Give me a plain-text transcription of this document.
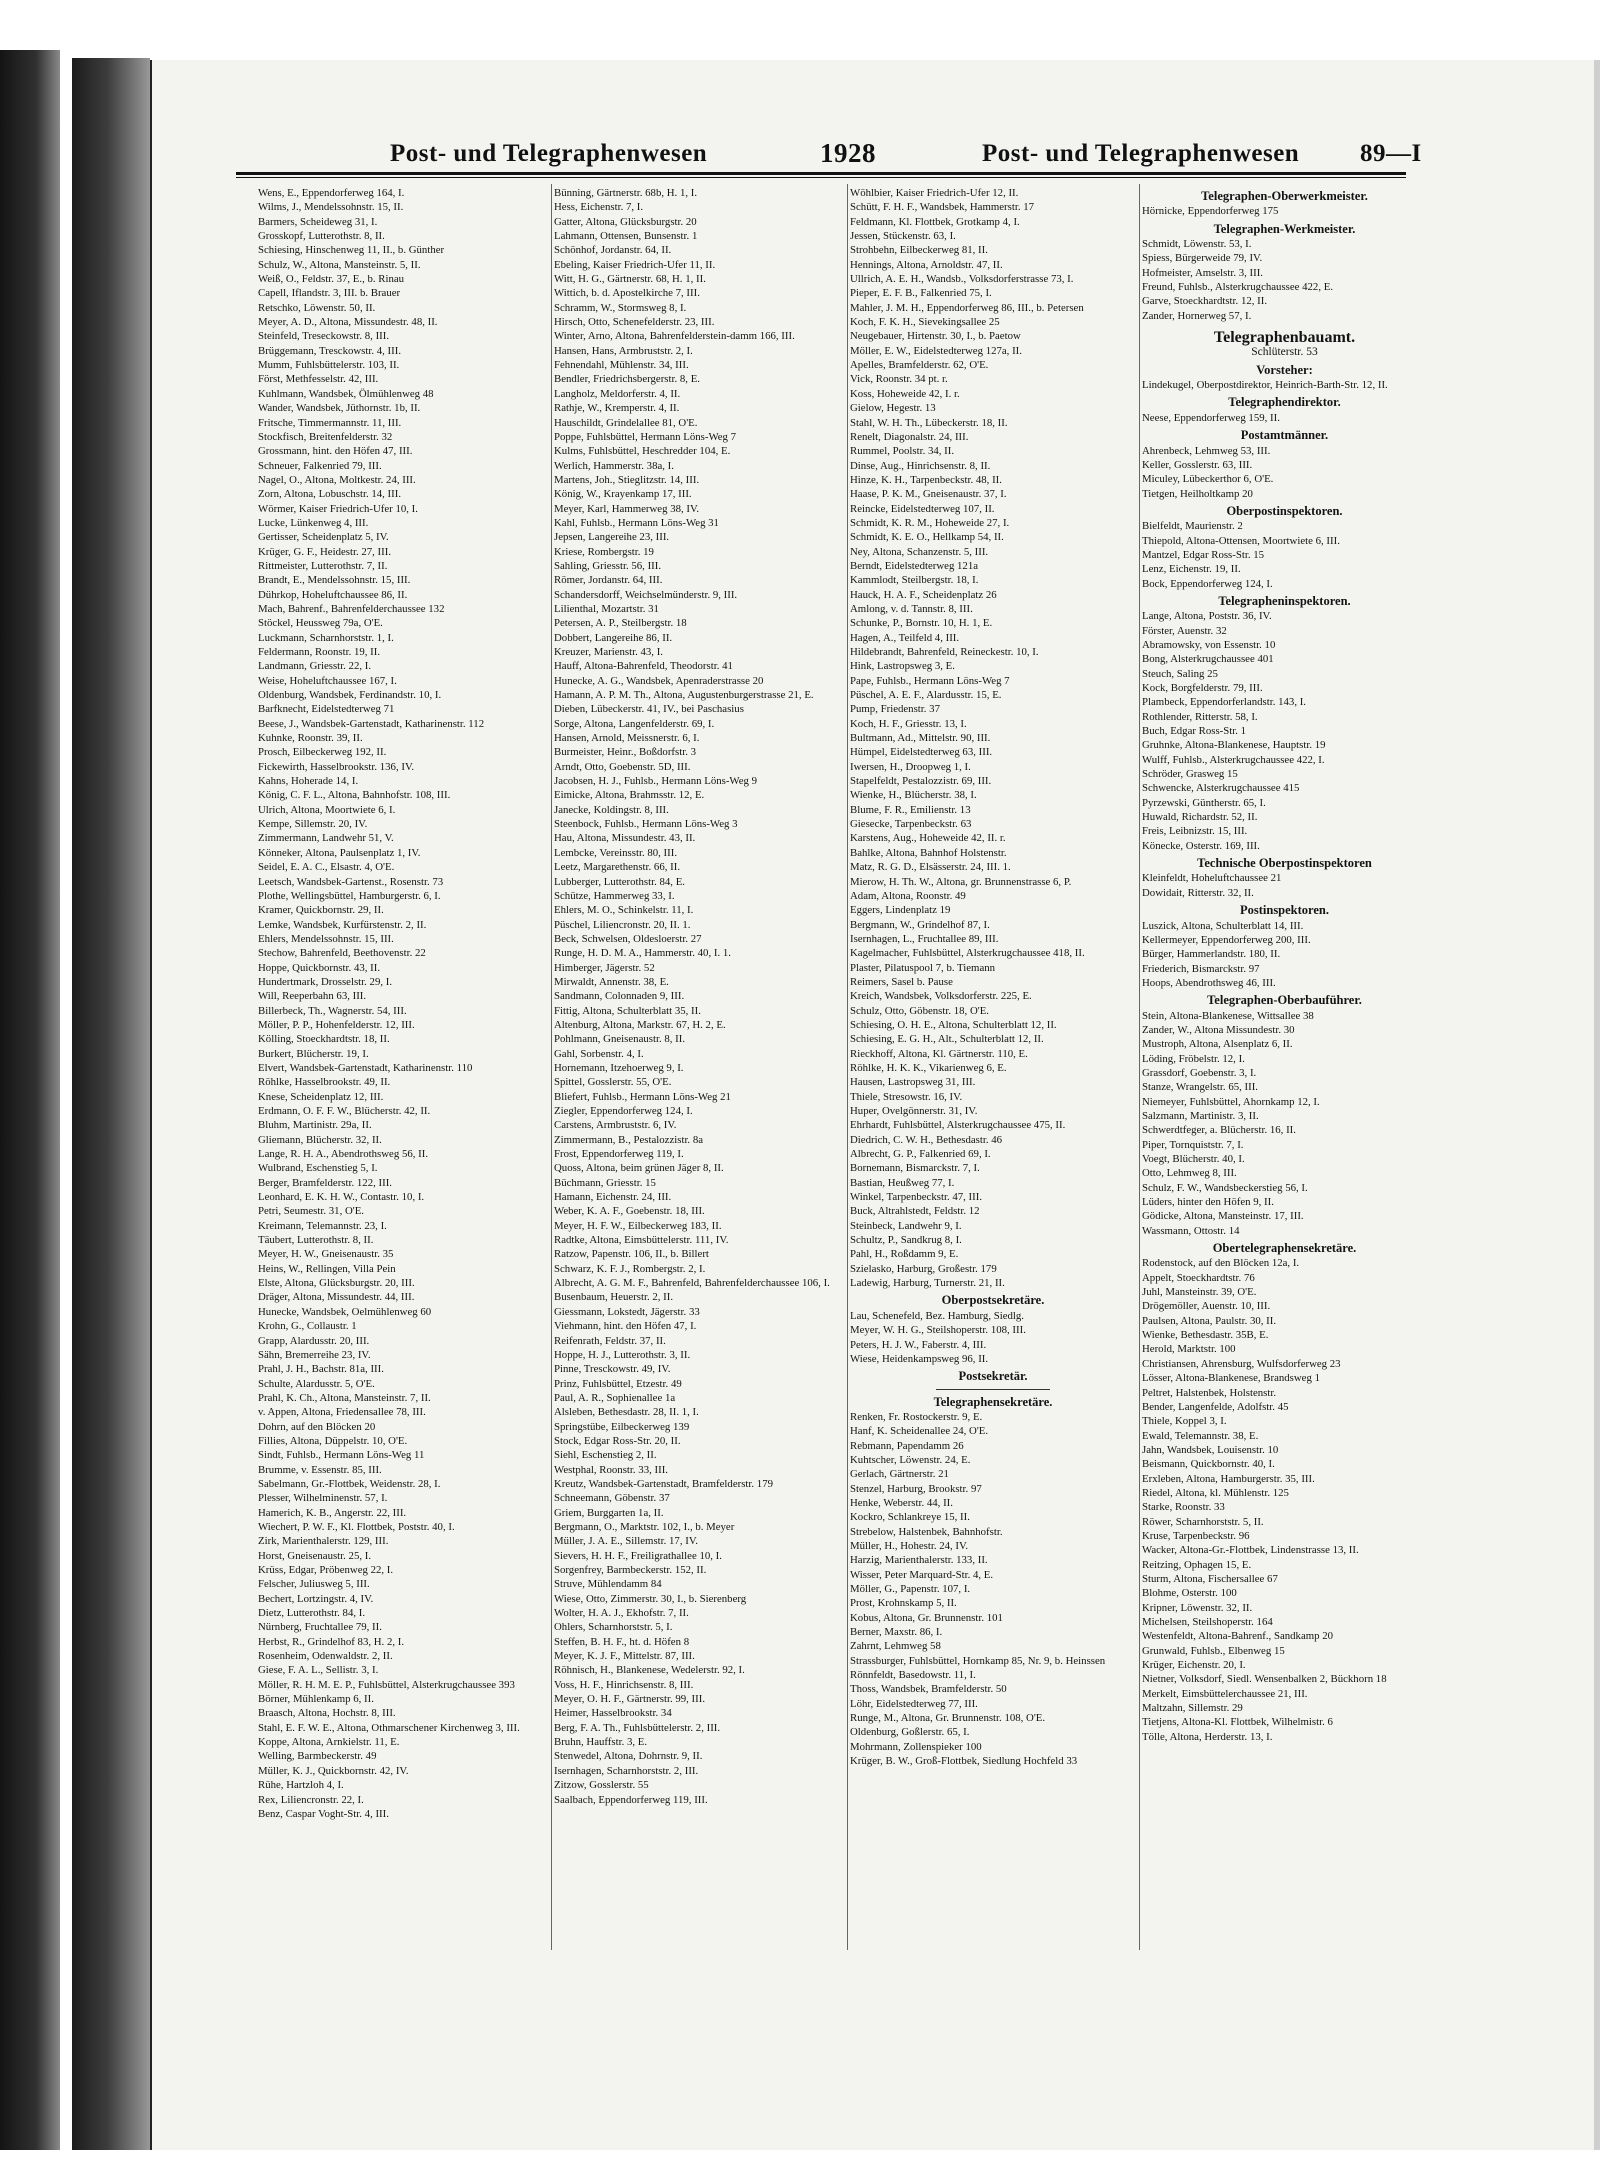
Post- und Telegraphenwesen	1928	Post- und Telegraphenwesen 89—I
Wens, E., Eppendorferweg 164, I.
Wilms, J., Mendelssohnstr. 15, II.
Barmers, Scheideweg 31, I.
Grosskopf, Lutterothstr. 8, II.
Schiesing, Hinschenweg 11, II., b. Günther
Schulz, W., Altona, Mansteinstr. 5, II.
Weiß, O., Feldstr. 37, E., b. Rinau
Capell, Iflandstr. 3, III. b. Brauer
Retschko, Löwenstr. 50, II.
Meyer, A. D., Altona, Missundestr. 48, II.
Steinfeld, Treseckowstr. 8, III.
Brüggemann, Tresckowstr. 4, III.
Mumm, Fuhlsbüttelerstr. 103, II.
Först, Methfesselstr. 42, III.
Kuhlmann, Wandsbek, Ölmühlenweg 48
Wander, Wandsbek, Jüthornstr. 1b, II.
Fritsche, Timmermannstr. 11, III.
Stockfisch, Breitenfelderstr. 32
Grossmann, hint. den Höfen 47, III.
Schneuer, Falkenried 79, III.
Nagel, O., Altona, Moltkestr. 24, III.
Zorn, Altona, Lobuschstr. 14, III.
Wörmer, Kaiser Friedrich-Ufer 10, I.
Lucke, Lünkenweg 4, III.
Gertisser, Scheidenplatz 5, IV.
Krüger, G. F., Heidestr. 27, III.
Rittmeister, Lutterothstr. 7, II.
Brandt, E., Mendelssohnstr. 15, III.
Dührkop, Hoheluftchaussee 86, II.
Mach, Bahrenf., Bahrenfelderchaussee 132
Stöckel, Heussweg 79a, O'E.
Luckmann, Scharnhorststr. 1, I.
Feldermann, Roonstr. 19, II.
Landmann, Griesstr. 22, I.
Weise, Hoheluftchaussee 167, I.
Oldenburg, Wandsbek, Ferdinandstr. 10, I.
Barfknecht, Eidelstedterweg 71
Beese, J., Wandsbek-Gartenstadt, Katharinenstr. 112
Kuhnke, Roonstr. 39, II.
Prosch, Eilbeckerweg 192, II.
Fickewirth, Hasselbrookstr. 136, IV.
Kahns, Hoherade 14, I.
König, C. F. L., Altona, Bahnhofstr. 108, III.
Ulrich, Altona, Moortwiete 6, I.
Kempe, Sillemstr. 20, IV.
Zimmermann, Landwehr 51, V.
Könneker, Altona, Paulsenplatz 1, IV.
Seidel, E. A. C., Elsastr. 4, O'E.
Leetsch, Wandsbek-Gartenst., Rosenstr. 73
Plothe, Wellingsbüttel, Hamburgerstr. 6, I.
Kramer, Quickbornstr. 29, II.
Lemke, Wandsbek, Kurfürstenstr. 2, II.
Ehlers, Mendelssohnstr. 15, III.
Stechow, Bahrenfeld, Beethovenstr. 22
Hoppe, Quickbornstr. 43, II.
Hundertmark, Drosselstr. 29, I.
Will, Reeperbahn 63, III.
Billerbeck, Th., Wagnerstr. 54, III.
Möller, P. P., Hohenfelderstr. 12, III.
Kölling, Stoeckhardtstr. 18, II.
Burkert, Blücherstr. 19, I.
Elvert, Wandsbek-Gartenstadt, Katharinenstr. 110
Röhlke, Hasselbrookstr. 49, II.
Knese, Scheidenplatz 12, III.
Erdmann, O. F. F. W., Blücherstr. 42, II.
Bluhm, Martinistr. 29a, II.
Gliemann, Blücherstr. 32, II.
Lange, R. H. A., Abendrothsweg 56, II.
Wulbrand, Eschenstieg 5, I.
Berger, Bramfelderstr. 122, III.
Leonhard, E. K. H. W., Contastr. 10, I.
Petri, Seumestr. 31, O'E.
Kreimann, Telemannstr. 23, I.
Täubert, Lutterothstr. 8, II.
Meyer, H. W., Gneisenaustr. 35
Heins, W., Rellingen, Villa Pein
Elste, Altona, Glücksburgstr. 20, III.
Dräger, Altona, Missundestr. 44, III.
Hunecke, Wandsbek, Oelmühlenweg 60
Krohn, G., Collaustr. 1
Grapp, Alardusstr. 20, III.
Sähn, Bremerreihe 23, IV.
Prahl, J. H., Bachstr. 81a, III.
Schulte, Alardusstr. 5, O'E.
Prahl, K. Ch., Altona, Mansteinstr. 7, II.
v. Appen, Altona, Friedensallee 78, III.
Dohrn, auf den Blöcken 20
Fillies, Altona, Düppelstr. 10, O'E.
Sindt, Fuhlsb., Hermann Löns-Weg 11
Brumme, v. Essenstr. 85, III.
Sabelmann, Gr.-Flottbek, Weidenstr. 28, I.
Plesser, Wilhelminenstr. 57, I.
Hamerich, K. B., Angerstr. 22, III.
Wiechert, P. W. F., Kl. Flottbek, Poststr. 40, I.
Zirk, Marienthalerstr. 129, III.
Horst, Gneisenaustr. 25, I.
Krüss, Edgar, Pröbenweg 22, I.
Felscher, Juliusweg 5, III.
Bechert, Lortzingstr. 4, IV.
Dietz, Lutterothstr. 84, I.
Nürnberg, Fruchtallee 79, II.
Herbst, R., Grindelhof 83, H. 2, I.
Rosenheim, Odenwaldstr. 2, II.
Giese, F. A. L., Sellistr. 3, I.
Möller, R. H. M. E. P., Fuhlsbüttel, Alsterkrugchaussee 393
Börner, Mühlenkamp 6, II.
Braasch, Altona, Hochstr. 8, III.
Stahl, E. F. W. E., Altona, Othmarschener Kirchenweg 3, III.
Koppe, Altona, Arnkielstr. 11, E.
Welling, Barmbeckerstr. 49
Müller, K. J., Quickbornstr. 42, IV.
Rühe, Hartzloh 4, I.
Rex, Liliencronstr. 22, I.
Benz, Caspar Voght-Str. 4, III.
Bünning, Gärtnerstr. 68b, H. 1, I.
Hess, Eichenstr. 7, I.
Gatter, Altona, Glücksburgstr. 20
Lahmann, Ottensen, Bunsenstr. 1
Schönhof, Jordanstr. 64, II.
Ebeling, Kaiser Friedrich-Ufer 11, II.
Witt, H. G., Gärtnerstr. 68, H. 1, II.
Wittich, b. d. Apostelkirche 7, III.
Schramm, W., Stormsweg 8, I.
Hirsch, Otto, Schenefelderstr. 23, III.
Winter, Arno, Altona, Bahrenfelderstein-damm 166, III.
Hansen, Hans, Armbruststr. 2, I.
Fehnendahl, Mühlenstr. 34, III.
Bendler, Friedrichsbergerstr. 8, E.
Langholz, Meldorferstr. 4, II.
Rathje, W., Kremperstr. 4, II.
Hauschildt, Grindelallee 81, O'E.
Poppe, Fuhlsbüttel, Hermann Löns-Weg 7
Kulms, Fuhlsbüttel, Heschredder 104, E.
Werlich, Hammerstr. 38a, I.
Martens, Joh., Stieglitzstr. 14, III.
König, W., Krayenkamp 17, III.
Meyer, Karl, Hammerweg 38, IV.
Kahl, Fuhlsb., Hermann Löns-Weg 31
Jepsen, Langereihe 23, III.
Kriese, Rombergstr. 19
Sahling, Griesstr. 56, III.
Römer, Jordanstr. 64, III.
Schandersdorff, Weichselmünderstr. 9, III.
Lilienthal, Mozartstr. 31
Petersen, A. P., Steilbergstr. 18
Dobbert, Langereihe 86, II.
Kreuzer, Marienstr. 43, I.
Hauff, Altona-Bahrenfeld, Theodorstr. 41
Hunecke, A. G., Wandsbek, Apenraderstrasse 20
Hamann, A. P. M. Th., Altona, Augustenburgerstrasse 21, E.
Dieben, Lübeckerstr. 41, IV., bei Paschasius
Sorge, Altona, Langenfelderstr. 69, I.
Hansen, Arnold, Meissnerstr. 6, I.
Burmeister, Heinr., Boßdorfstr. 3
Arndt, Otto, Goebenstr. 5D, III.
Jacobsen, H. J., Fuhlsb., Hermann Löns-Weg 9
Eimicke, Altona, Brahmsstr. 12, E.
Janecke, Koldingstr. 8, III.
Steenbock, Fuhlsb., Hermann Löns-Weg 3
Hau, Altona, Missundestr. 43, II.
Lembcke, Vereinsstr. 80, III.
Leetz, Margarethenstr. 66, II.
Lubberger, Lutterothstr. 84, E.
Schütze, Hammerweg 33, I.
Ehlers, M. O., Schinkelstr. 11, I.
Püschel, Liliencronstr. 20, II. 1.
Beck, Schwelsen, Oldesloerstr. 27
Runge, H. D. M. A., Hammerstr. 40, I. 1.
Himberger, Jägerstr. 52
Mirwaldt, Annenstr. 38, E.
Sandmann, Colonnaden 9, III.
Fittig, Altona, Schulterblatt 35, II.
Altenburg, Altona, Markstr. 67, H. 2, E.
Pohlmann, Gneisenaustr. 8, II.
Gahl, Sorbenstr. 4, I.
Hornemann, Itzehoerweg 9, I.
Spittel, Gosslerstr. 55, O'E.
Bliefert, Fuhlsb., Hermann Löns-Weg 21
Ziegler, Eppendorferweg 124, I.
Carstens, Armbruststr. 6, IV.
Zimmermann, B., Pestalozzistr. 8a
Frost, Eppendorferweg 119, I.
Quoss, Altona, beim grünen Jäger 8, II.
Büchmann, Griesstr. 15
Hamann, Eichenstr. 24, III.
Weber, K. A. F., Goebenstr. 18, III.
Meyer, H. F. W., Eilbeckerweg 183, II.
Radtke, Altona, Eimsbüttelerstr. 111, IV.
Ratzow, Papenstr. 106, II., b. Billert
Schwarz, K. F. J., Rombergstr. 2, I.
Albrecht, A. G. M. F., Bahrenfeld, Bahrenfelderchaussee 106, I.
Busenbaum, Heuerstr. 2, II.
Giessmann, Lokstedt, Jägerstr. 33
Viehmann, hint. den Höfen 47, I.
Reifenrath, Feldstr. 37, II.
Hoppe, H. J., Lutterothstr. 3, II.
Pinne, Tresckowstr. 49, IV.
Prinz, Fuhlsbüttel, Etzestr. 49
Paul, A. R., Sophienallee 1a
Alsleben, Bethesdastr. 28, II. 1, I.
Springstübe, Eilbeckerweg 139
Stock, Edgar Ross-Str. 20, II.
Siehl, Eschenstieg 2, II.
Westphal, Roonstr. 33, III.
Kreutz, Wandsbek-Gartenstadt, Bramfelderstr. 179
Schneemann, Göbenstr. 37
Griem, Burggarten 1a, II.
Bergmann, O., Marktstr. 102, I., b. Meyer
Müller, J. A. E., Sillemstr. 17, IV.
Sievers, H. H. F., Freiligrathallee 10, I.
Sorgenfrey, Barmbeckerstr. 152, II.
Struve, Mühlendamm 84
Wiese, Otto, Zimmerstr. 30, I., b. Sierenberg
Wolter, H. A. J., Ekhofstr. 7, II.
Ohlers, Scharnhorststr. 5, I.
Steffen, B. H. F., ht. d. Höfen 8
Meyer, K. J. F., Mittelstr. 87, III.
Röhnisch, H., Blankenese, Wedelerstr. 92, I.
Voss, H. F., Hinrichsenstr. 8, III.
Meyer, O. H. F., Gärtnerstr. 99, III.
Heimer, Hasselbrookstr. 34
Berg, F. A. Th., Fuhlsbüttelerstr. 2, III.
Bruhn, Hauffstr. 3, E.
Stenwedel, Altona, Dohrnstr. 9, II.
Isernhagen, Scharnhorststr. 2, III.
Zitzow, Gosslerstr. 55
Saalbach, Eppendorferweg 119, III.
Wöhlbier, Kaiser Friedrich-Ufer 12, II.
Schütt, F. H. F., Wandsbek, Hammerstr. 17
Feldmann, Kl. Flottbek, Grotkamp 4, I.
Jessen, Stückenstr. 63, I.
Strohbehn, Eilbeckerweg 81, II.
Hennings, Altona, Arnoldstr. 47, II.
Ullrich, A. E. H., Wandsb., Volksdorferstrasse 73, I.
Pieper, E. F. B., Falkenried 75, I.
Mahler, J. M. H., Eppendorferweg 86, III., b. Petersen
Koch, F. K. H., Sievekingsallee 25
Neugebauer, Hirtenstr. 30, I., b. Paetow
Möller, E. W., Eidelstedterweg 127a, II.
Apelles, Bramfelderstr. 62, O'E.
Vick, Roonstr. 34 pt. r.
Koss, Hoheweide 42, I. r.
Gielow, Hegestr. 13
Stahl, W. H. Th., Lübeckerstr. 18, II.
Renelt, Diagonalstr. 24, III.
Rummel, Poolstr. 34, II.
Dinse, Aug., Hinrichsenstr. 8, II.
Hinze, K. H., Tarpenbeckstr. 48, II.
Haase, P. K. M., Gneisenaustr. 37, I.
Reincke, Eidelstedterweg 107, II.
Schmidt, K. R. M., Hoheweide 27, I.
Schmidt, K. E. O., Hellkamp 54, II.
Ney, Altona, Schanzenstr. 5, III.
Berndt, Eidelstedterweg 121a
Kammlodt, Steilbergstr. 18, I.
Hauck, H. A. F., Scheidenplatz 26
Amlong, v. d. Tannstr. 8, III.
Schunke, P., Bornstr. 10, H. 1, E.
Hagen, A., Teilfeld 4, III.
Hildebrandt, Bahrenfeld, Reineckestr. 10, I.
Hink, Lastropsweg 3, E.
Pape, Fuhlsb., Hermann Löns-Weg 7
Püschel, A. E. F., Alardusstr. 15, E.
Pump, Friedenstr. 37
Koch, H. F., Griesstr. 13, I.
Bultmann, Ad., Mittelstr. 90, III.
Hümpel, Eidelstedterweg 63, III.
Iwersen, H., Droopweg 1, I.
Stapelfeldt, Pestalozzistr. 69, III.
Wienke, H., Blücherstr. 38, I.
Blume, F. R., Emilienstr. 13
Giesecke, Tarpenbeckstr. 63
Karstens, Aug., Hoheweide 42, II. r.
Bahlke, Altona, Bahnhof Holstenstr.
Matz, R. G. D., Elsässerstr. 24, III. 1.
Mierow, H. Th. W., Altona, gr. Brunnenstrasse 6, P.
Adam, Altona, Roonstr. 49
Eggers, Lindenplatz 19
Bergmann, W., Grindelhof 87, I.
Isernhagen, L., Fruchtallee 89, III.
Kagelmacher, Fuhlsbüttel, Alsterkrugchaussee 418, II.
Plaster, Pilatuspool 7, b. Tiemann
Reimers, Sasel b. Pause
Kreich, Wandsbek, Volksdorferstr. 225, E.
Schulz, Otto, Göbenstr. 18, O'E.
Schiesing, O. H. E., Altona, Schulterblatt 12, II.
Schiesing, E. G. H., Alt., Schulterblatt 12, II.
Rieckhoff, Altona, Kl. Gärtnerstr. 110, E.
Röhlke, H. K. K., Vikarienweg 6, E.
Hausen, Lastropsweg 31, III.
Thiele, Stresowstr. 16, IV.
Huper, Ovelgönnerstr. 31, IV.
Ehrhardt, Fuhlsbüttel, Alsterkrugchaussee 475, II.
Diedrich, C. W. H., Bethesdastr. 46
Albrecht, G. P., Falkenried 69, I.
Bornemann, Bismarckstr. 7, I.
Bastian, Heußweg 77, I.
Winkel, Tarpenbeckstr. 47, III.
Buck, Altrahlstedt, Feldstr. 12
Steinbeck, Landwehr 9, I.
Schultz, P., Sandkrug 8, I.
Pahl, H., Roßdamm 9, E.
Szielasko, Harburg, Großestr. 179
Ladewig, Harburg, Turnerstr. 21, II.
Oberpostsekretäre.
Lau, Schenefeld, Bez. Hamburg, Siedlg.
Meyer, W. H. G., Steilshoperstr. 108, III.
Peters, H. J. W., Faberstr. 4, III.
Wiese, Heidenkampsweg 96, II.
Postsekretär.
Telegraphensekretäre.
Renken, Fr. Rostockerstr. 9, E.
Hanf, K. Scheidenallee 24, O'E.
Rebmann, Papendamm 26
Kuhtscher, Löwenstr. 24, E.
Gerlach, Gärtnerstr. 21
Stenzel, Harburg, Brookstr. 97
Henke, Weberstr. 44, II.
Kockro, Schlankreye 15, II.
Strebelow, Halstenbek, Bahnhofstr.
Müller, H., Hohestr. 24, IV.
Harzig, Marienthalerstr. 133, II.
Wisser, Peter Marquard-Str. 4, E.
Möller, G., Papenstr. 107, I.
Prost, Krohnskamp 5, II.
Kobus, Altona, Gr. Brunnenstr. 101
Berner, Maxstr. 86, I.
Zahrnt, Lehmweg 58
Strassburger, Fuhlsbüttel, Hornkamp 85, Nr. 9, b. Heinssen
Rönnfeldt, Basedowstr. 11, I.
Thoss, Wandsbek, Bramfelderstr. 50
Löhr, Eidelstedterweg 77, III.
Runge, M., Altona, Gr. Brunnenstr. 108, O'E.
Oldenburg, Goßlerstr. 65, I.
Mohrmann, Zollenspieker 100
Krüger, B. W., Groß-Flottbek, Siedlung Hochfeld 33
Telegraphen-Oberwerkmeister.
Hörnicke, Eppendorferweg 175
Telegraphen-Werkmeister.
Schmidt, Löwenstr. 53, I.
Spiess, Bürgerweide 79, IV.
Hofmeister, Amselstr. 3, III.
Freund, Fuhlsb., Alsterkrugchaussee 422, E.
Garve, Stoeckhardtstr. 12, II.
Zander, Hornerweg 57, I.
Telegraphenbauamt.
Schlüterstr. 53
Vorsteher:
Lindekugel, Oberpostdirektor, Heinrich-Barth-Str. 12, II.
Telegraphendirektor.
Neese, Eppendorferweg 159, II.
Postamtmänner.
Ahrenbeck, Lehmweg 53, III.
Keller, Gosslerstr. 63, III.
Miculey, Lübeckerthor 6, O'E.
Tietgen, Heilholtkamp 20
Oberpostinspektoren.
Bielfeldt, Maurienstr. 2
Thiepold, Altona-Ottensen, Moortwiete 6, III.
Mantzel, Edgar Ross-Str. 15
Lenz, Eichenstr. 19, II.
Bock, Eppendorferweg 124, I.
Telegrapheninspektoren.
Lange, Altona, Poststr. 36, IV.
Förster, Auenstr. 32
Abramowsky, von Essenstr. 10
Bong, Alsterkrugchaussee 401
Steuch, Saling 25
Kock, Borgfelderstr. 79, III.
Plambeck, Eppendorferlandstr. 143, I.
Rothlender, Ritterstr. 58, I.
Buch, Edgar Ross-Str. 1
Gruhnke, Altona-Blankenese, Hauptstr. 19
Wulff, Fuhlsb., Alsterkrugchaussee 422, I.
Schröder, Grasweg 15
Schwencke, Alsterkrugchaussee 415
Pyrzewski, Güntherstr. 65, I.
Huwald, Richardstr. 52, II.
Freis, Leibnizstr. 15, III.
Könecke, Osterstr. 169, III.
Technische Oberpostinspektoren
Kleinfeldt, Hoheluftchaussee 21
Dowidait, Ritterstr. 32, II.
Postinspektoren.
Luszick, Altona, Schulterblatt 14, III.
Kellermeyer, Eppendorferweg 200, III.
Bürger, Hammerlandstr. 180, II.
Friederich, Bismarckstr. 97
Hoops, Abendrothsweg 46, III.
Telegraphen-Oberbauführer.
Stein, Altona-Blankenese, Wittsallee 38
Zander, W., Altona Missundestr. 30
Mustroph, Altona, Alsenplatz 6, II.
Löding, Fröbelstr. 12, I.
Grassdorf, Goebenstr. 3, I.
Stanze, Wrangelstr. 65, III.
Niemeyer, Fuhlsbüttel, Ahornkamp 12, I.
Salzmann, Martinistr. 3, II.
Schwerdtfeger, a. Blücherstr. 16, II.
Piper, Tornquiststr. 7, I.
Voegt, Blücherstr. 40, I.
Otto, Lehmweg 8, III.
Schulz, F. W., Wandsbeckerstieg 56, I.
Lüders, hinter den Höfen 9, II.
Gödicke, Altona, Mansteinstr. 17, III.
Wassmann, Ottostr. 14
Obertelegraphensekretäre.
Rodenstock, auf den Blöcken 12a, I.
Appelt, Stoeckhardtstr. 76
Juhl, Mansteinstr. 39, O'E.
Drögemöller, Auenstr. 10, III.
Paulsen, Altona, Paulstr. 30, II.
Wienke, Bethesdastr. 35B, E.
Herold, Marktstr. 100
Christiansen, Ahrensburg, Wulfsdorferweg 23
Lösser, Altona-Blankenese, Brandsweg 1
Peltret, Halstenbek, Holstenstr.
Bender, Langenfelde, Adolfstr. 45
Thiele, Koppel 3, I.
Ewald, Telemannstr. 38, E.
Jahn, Wandsbek, Louisenstr. 10
Beismann, Quickbornstr. 40, I.
Erxleben, Altona, Hamburgerstr. 35, III.
Riedel, Altona, kl. Mühlenstr. 125
Starke, Roonstr. 33
Röwer, Scharnhorststr. 5, II.
Kruse, Tarpenbeckstr. 96
Wacker, Altona-Gr.-Flottbek, Lindenstrasse 13, II.
Reitzing, Ophagen 15, E.
Sturm, Altona, Fischersallee 67
Blohme, Osterstr. 100
Kripner, Löwenstr. 32, II.
Michelsen, Steilshoperstr. 164
Westenfeldt, Altona-Bahrenf., Sandkamp 20
Grunwald, Fuhlsb., Elbenweg 15
Krüger, Eichenstr. 20, I.
Nietner, Volksdorf, Siedl. Wensenbalken 2, Bückhorn 18
Merkelt, Eimsbüttelerchaussee 21, III.
Maltzahn, Sillemstr. 29
Tietjens, Altona-Kl. Flottbek, Wilhelmistr. 6
Tölle, Altona, Herderstr. 13, I.
